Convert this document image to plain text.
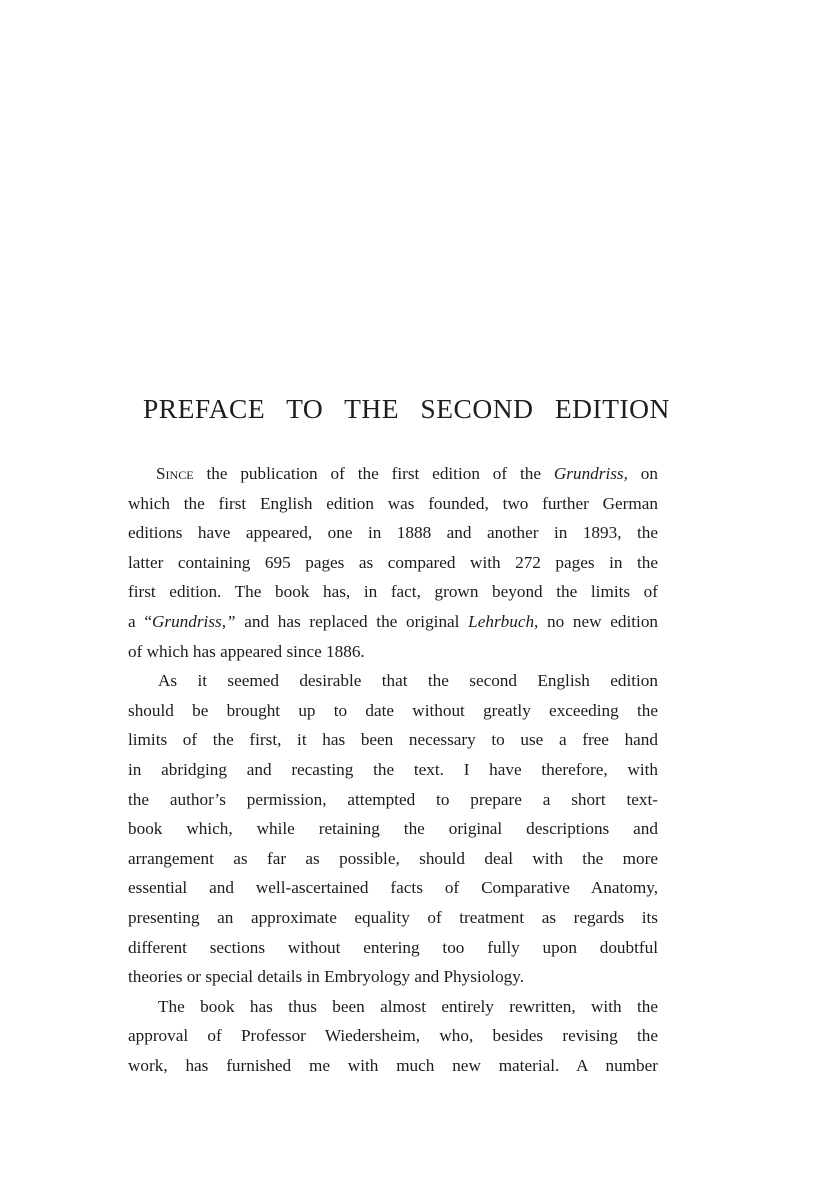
PREFACE TO THE SECOND EDITION
Since the publication of the first edition of the Grundriss, on
which the first English edition was founded, two further German
editions have appeared, one in 1888 and another in 1893, the
latter containing 695 pages as compared with 272 pages in the
first edition. The book has, in fact, grown beyond the limits of
a “Grundriss,” and has replaced the original Lehrbuch, no new edition
of which has appeared since 1886.
As it seemed desirable that the second English edition
should be brought up to date without greatly exceeding the
limits of the first, it has been necessary to use a free hand
in abridging and recasting the text. I have therefore, with
the author’s permission, attempted to prepare a short text-
book which, while retaining the original descriptions and
arrangement as far as possible, should deal with the more
essential and well-ascertained facts of Comparative Anatomy,
presenting an approximate equality of treatment as regards its
different sections without entering too fully upon doubtful
theories or special details in Embryology and Physiology.
The book has thus been almost entirely rewritten, with the
approval of Professor Wiedersheim, who, besides revising the
work, has furnished me with much new material. A number
